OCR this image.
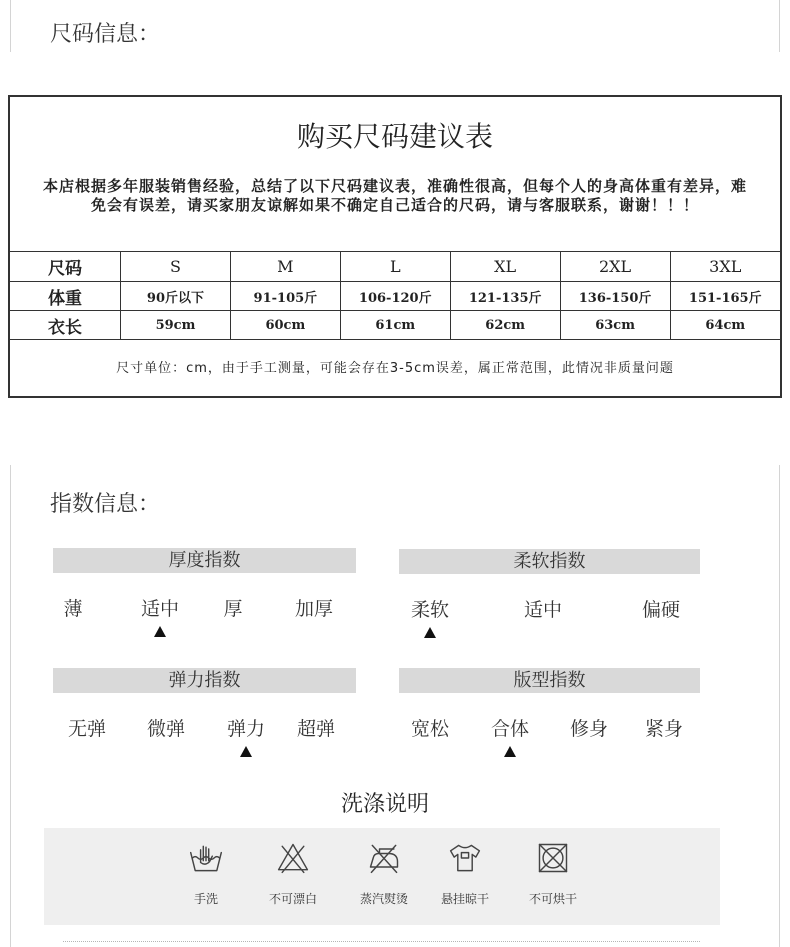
尺码信息：
购买尺码建议表
本店根据多年服装销售经验，总结了以下尺码建议表，准确性很高，但每个人的身高体重有差异，难
免会有误差，请买家朋友谅解如果不确定自己适合的尺码，请与客服联系，谢谢！！！
尺码	S	M	L	XL	2XL	3XL
体重	90斤以下	91-105斤	106-120斤	121-135斤	136-150斤	151-165斤
衣长	59cm	60cm	61cm	62cm	63cm	64cm
尺寸单位：cm，由于手工测量，可能会存在3-5cm误差，属正常范围，此情况非质量问题
指数信息：
厚度指数
薄	适中	厚	加厚
柔软指数
柔软	适中	偏硬
弹力指数
无弹	微弹	弹力	超弹
版型指数
宽松	合体	修身	紧身
洗涤说明
手洗	不可漂白	蒸汽熨烫	悬挂晾干	不可烘干
